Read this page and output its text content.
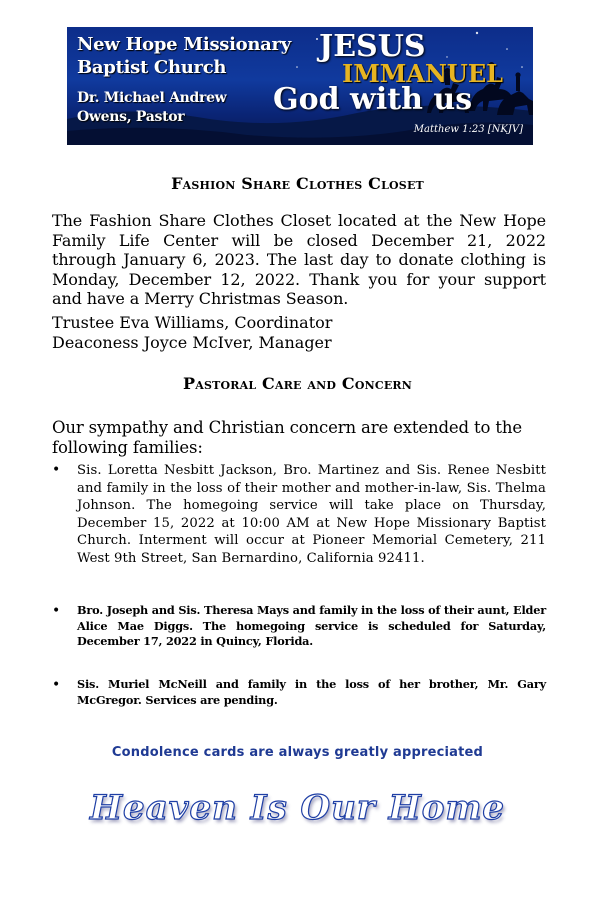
New Hope Missionary
Baptist Church
Dr. Michael Andrew
Owens, Pastor
JESUS
IMMANUEL
God with us
Matthew 1:23 [NKJV]
Fashion Share Clothes Closet

The Fashion Share Clothes Closet located at the New Hope Family Life Center will be closed December 21, 2022 through January 6, 2023. The last day to donate clothing is Monday, December 12, 2022. Thank you for your support and have a Merry Christmas Season.

Trustee Eva Williams, Coordinator
Deaconess Joyce McIver, Manager
Pastoral Care and Concern

Our sympathy and Christian concern are extended to the following families:

• Sis. Loretta Nesbitt Jackson, Bro. Martinez and Sis. Renee Nesbitt and family in the loss of their mother and mother-in-law, Sis. Thelma Johnson. The homegoing service will take place on Thursday, December 15, 2022 at 10:00 AM at New Hope Missionary Baptist Church. Interment will occur at Pioneer Memorial Cemetery, 211 West 9th Street, San Bernardino, California 92411.

• Bro. Joseph and Sis. Theresa Mays and family in the loss of their aunt, Elder Alice Mae Diggs. The homegoing service is scheduled for Saturday, December 17, 2022 in Quincy, Florida.

• Sis. Muriel McNeill and family in the loss of her brother, Mr. Gary McGregor. Services are pending.

Condolence cards are always greatly appreciated
Heaven Is Our Home
